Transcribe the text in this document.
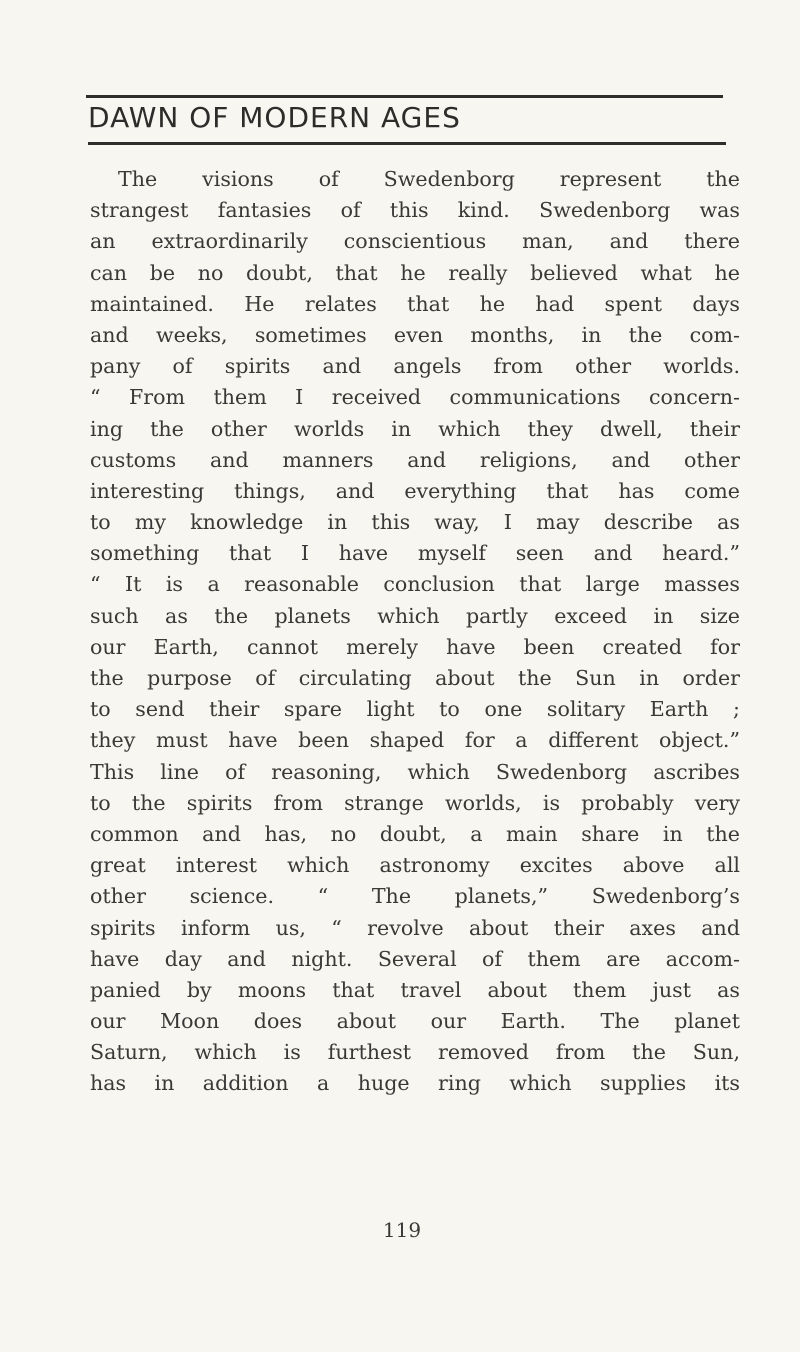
DAWN OF MODERN AGES
The visions of Swedenborg represent the
strangest fantasies of this kind. Swedenborg was
an extraordinarily conscientious man, and there
can be no doubt, that he really believed what he
maintained. He relates that he had spent days
and weeks, sometimes even months, in the com‐
pany of spirits and angels from other worlds.
“ From them I received communications concern-
ing the other worlds in which they dwell, their
customs and manners and religions, and other
interesting things, and everything that has come
to my knowledge in this way, I may describe as
something that I have myself seen and heard.”
“ It is a reasonable conclusion that large masses
such as the planets which partly exceed in size
our Earth, cannot merely have been created for
the purpose of circulating about the Sun in order
to send their spare light to one solitary Earth ;
they must have been shaped for a different object.”
This line of reasoning, which Swedenborg ascribes
to the spirits from strange worlds, is probably very
common and has, no doubt, a main share in the
great interest which astronomy excites above all
other science. “ The planets,” Swedenborg’s
spirits inform us, “ revolve about their axes and
have day and night. Several of them are accom-
panied by moons that travel about them just as
our Moon does about our Earth. The planet
Saturn, which is furthest removed from the Sun,
has in addition a huge ring which supplies its
119
